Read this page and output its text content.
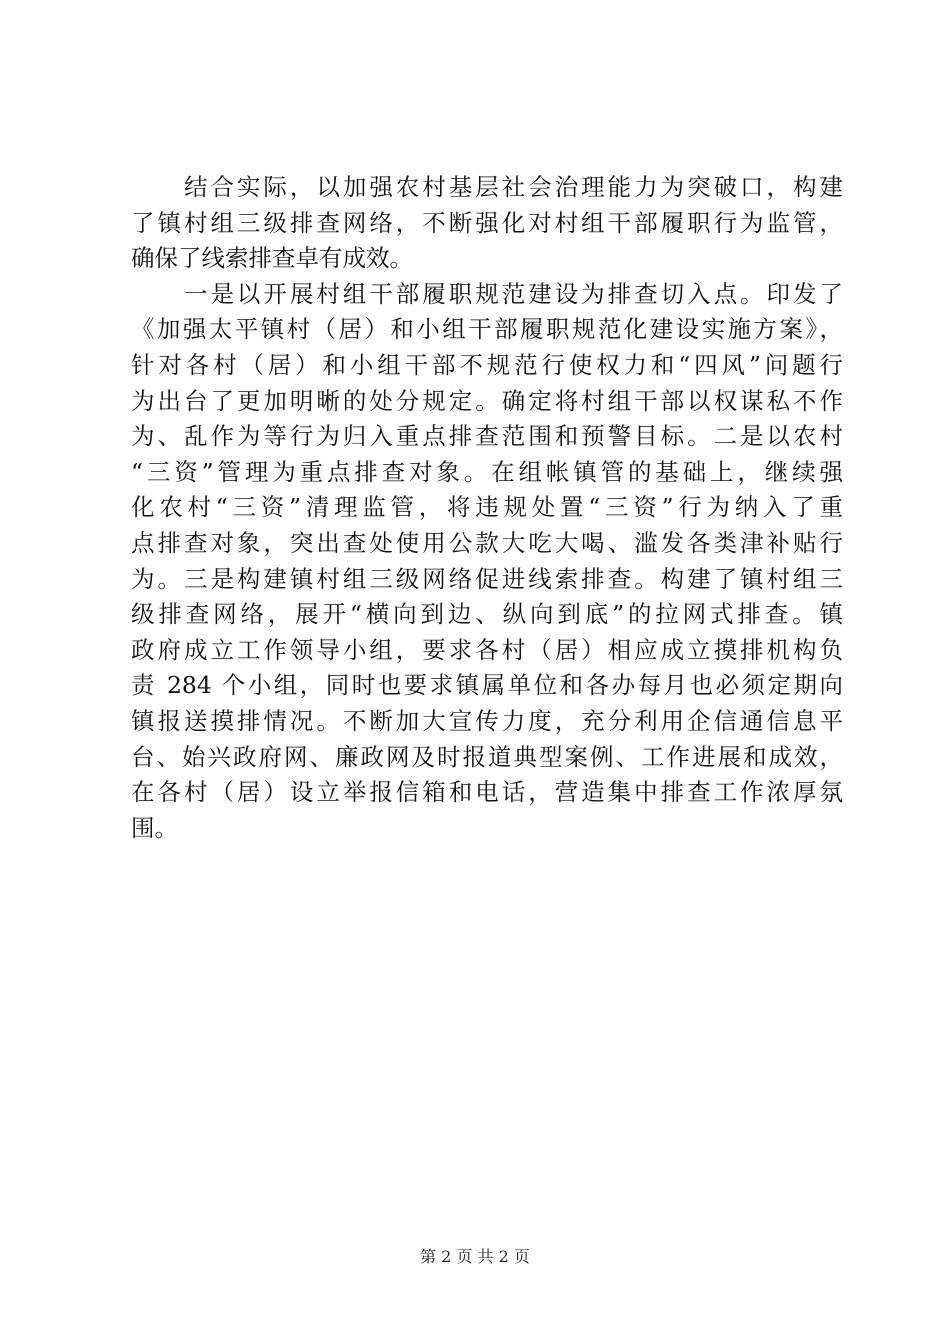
　　结合实际，以加强农村基层社会治理能力为突破口，构建
了镇村组三级排查网络，不断强化对村组干部履职行为监管，
确保了线索排查卓有成效。
　　一是以开展村组干部履职规范建设为排查切入点。印发了
《加强太平镇村（居）和小组干部履职规范化建设实施方案》，
针对各村（居）和小组干部不规范行使权力和“四风”问题行
为出台了更加明晰的处分规定。确定将村组干部以权谋私不作
为、乱作为等行为归入重点排查范围和预警目标。二是以农村
“三资”管理为重点排查对象。在组帐镇管的基础上，继续强
化农村“三资”清理监管，将违规处置“三资”行为纳入了重
点排查对象，突出查处使用公款大吃大喝、滥发各类津补贴行
为。三是构建镇村组三级网络促进线索排查。构建了镇村组三
级排查网络，展开“横向到边、纵向到底”的拉网式排查。镇
政府成立工作领导小组，要求各村（居）相应成立摸排机构负
责 284 个小组，同时也要求镇属单位和各办每月也必须定期向
镇报送摸排情况。不断加大宣传力度，充分利用企信通信息平
台、始兴政府网、廉政网及时报道典型案例、工作进展和成效，
在各村（居）设立举报信箱和电话，营造集中排查工作浓厚氛
围。
第 2 页 共 2 页
